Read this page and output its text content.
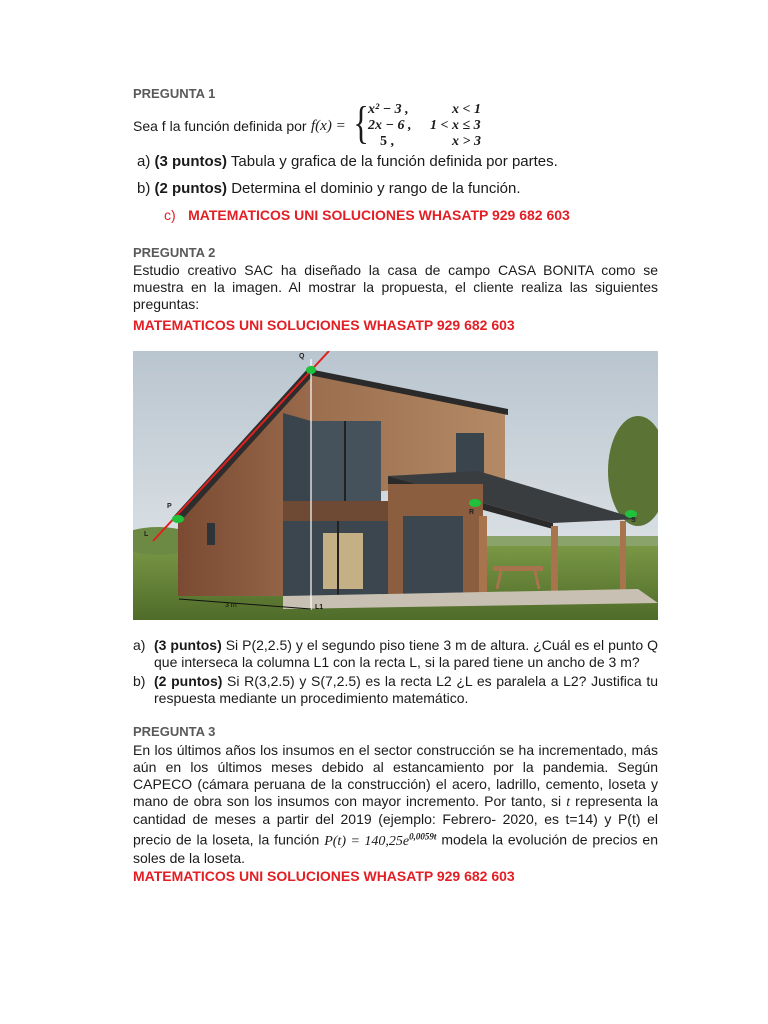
PREGUNTA 1
Sea f la función definida por f(x) = { x² − 3 ,	x < 1
2x − 6 , 1 < x ≤ 3
5 ,	x > 3
a) (3 puntos) Tabula y grafica de la función definida por partes.
b) (2 puntos) Determina el dominio y rango de la función.
c) MATEMATICOS UNI SOLUCIONES WHASATP 929 682 603
PREGUNTA 2
Estudio creativo SAC ha diseñado la casa de campo CASA BONITA como se muestra en la imagen. Al mostrar la propuesta, el cliente realiza las siguientes preguntas:
MATEMATICOS UNI SOLUCIONES WHASATP 929 682 603
Q
P
L
R
S
L1
3 m
a) (3 puntos) Si P(2,2.5) y el segundo piso tiene 3 m de altura. ¿Cuál es el punto Q que interseca la columna L1 con la recta L, si la pared tiene un ancho de 3 m?
b) (2 puntos) Si R(3,2.5) y S(7,2.5) es la recta L2 ¿L es paralela a L2? Justifica tu respuesta mediante un procedimiento matemático.
PREGUNTA 3
En los últimos años los insumos en el sector construcción se ha incrementado, más aún en los últimos meses debido al estancamiento por la pandemia. Según CAPECO (cámara peruana de la construcción) el acero, ladrillo, cemento, loseta y mano de obra son los insumos con mayor incremento. Por tanto, si t representa la cantidad de meses a partir del 2019 (ejemplo: Febrero- 2020, es t=14) y P(t) el precio de la loseta, la función $P(t) = 140,25e^{0,0059t}$ modela la evolución de precios en soles de la loseta.
MATEMATICOS UNI SOLUCIONES WHASATP 929 682 603
